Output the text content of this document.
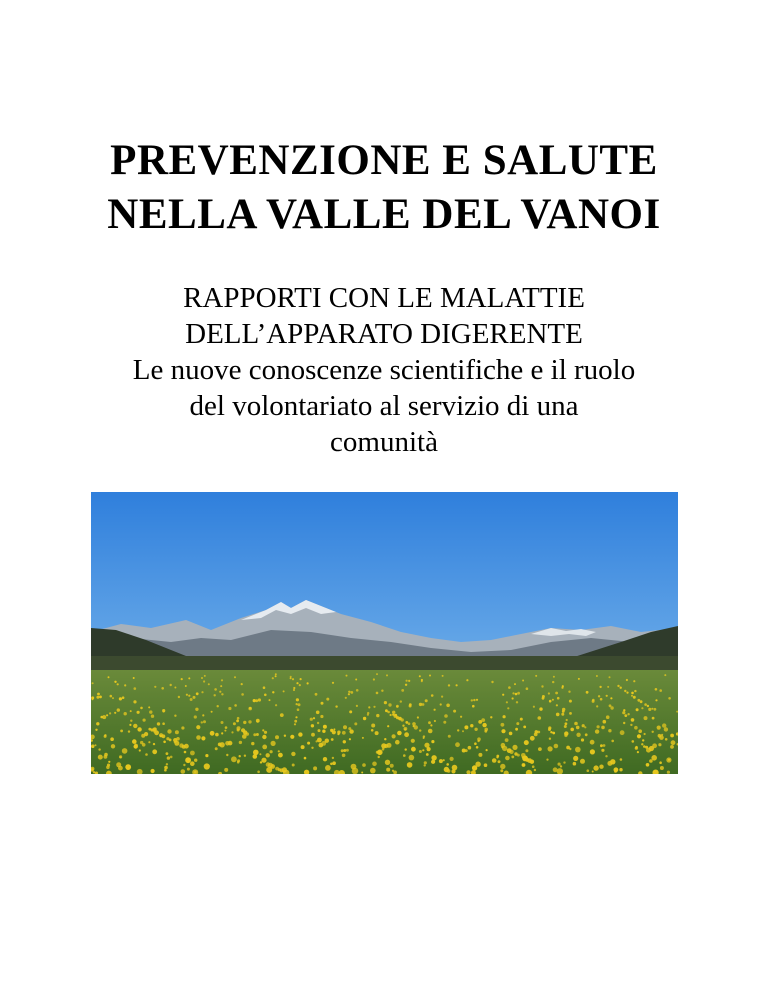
PREVENZIONE E SALUTE
NELLA VALLE DEL VANOI
RAPPORTI CON LE MALATTIE
DELL’APPARATO DIGERENTE
Le nuove conoscenze scientifiche e il ruolo
del volontariato al servizio di una
comunità
